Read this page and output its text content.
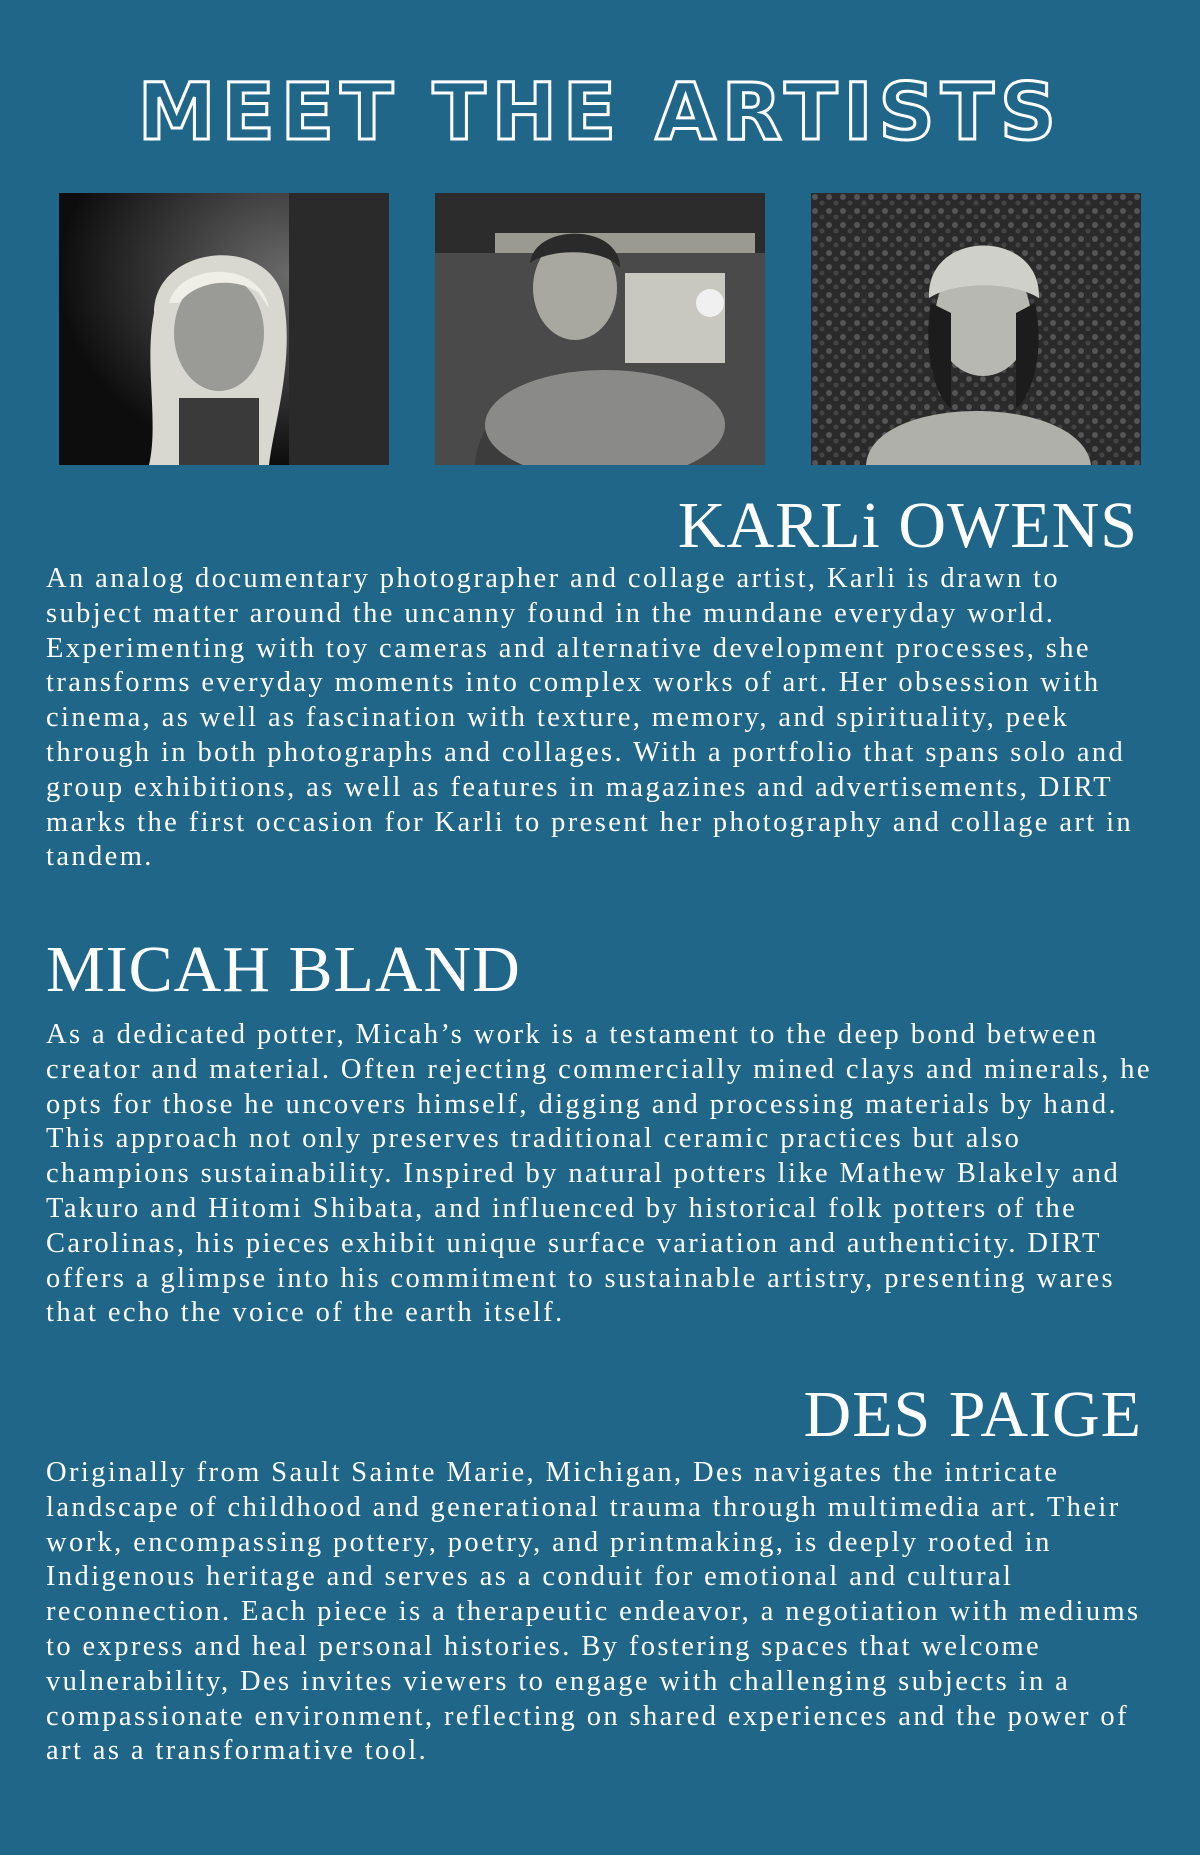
MEET THE ARTISTS
KARLi OWENS

An analog documentary photographer and collage artist, Karli is drawn to subject matter around the uncanny found in the mundane everyday world. Experimenting with toy cameras and alternative development processes, she transforms everyday moments into complex works of art. Her obsession with cinema, as well as fascination with texture, memory, and spirituality, peek through in both photographs and collages. With a portfolio that spans solo and group exhibitions, as well as features in magazines and advertisements, DIRT marks the first occasion for Karli to present her photography and collage art in tandem.

MICAH BLAND

As a dedicated potter, Micah’s work is a testament to the deep bond between creator and material. Often rejecting commercially mined clays and minerals, he opts for those he uncovers himself, digging and processing materials by hand. This approach not only preserves traditional ceramic practices but also champions sustainability. Inspired by natural potters like Mathew Blakely and Takuro and Hitomi Shibata, and influenced by historical folk potters of the Carolinas, his pieces exhibit unique surface variation and authenticity. DIRT offers a glimpse into his commitment to sustainable artistry, presenting wares that echo the voice of the earth itself.

DES PAIGE

Originally from Sault Sainte Marie, Michigan, Des navigates the intricate landscape of childhood and generational trauma through multimedia art. Their work, encompassing pottery, poetry, and printmaking, is deeply rooted in Indigenous heritage and serves as a conduit for emotional and cultural reconnection. Each piece is a therapeutic endeavor, a negotiation with mediums to express and heal personal histories. By fostering spaces that welcome vulnerability, Des invites viewers to engage with challenging subjects in a compassionate environment, reflecting on shared experiences and the power of art as a transformative tool.
